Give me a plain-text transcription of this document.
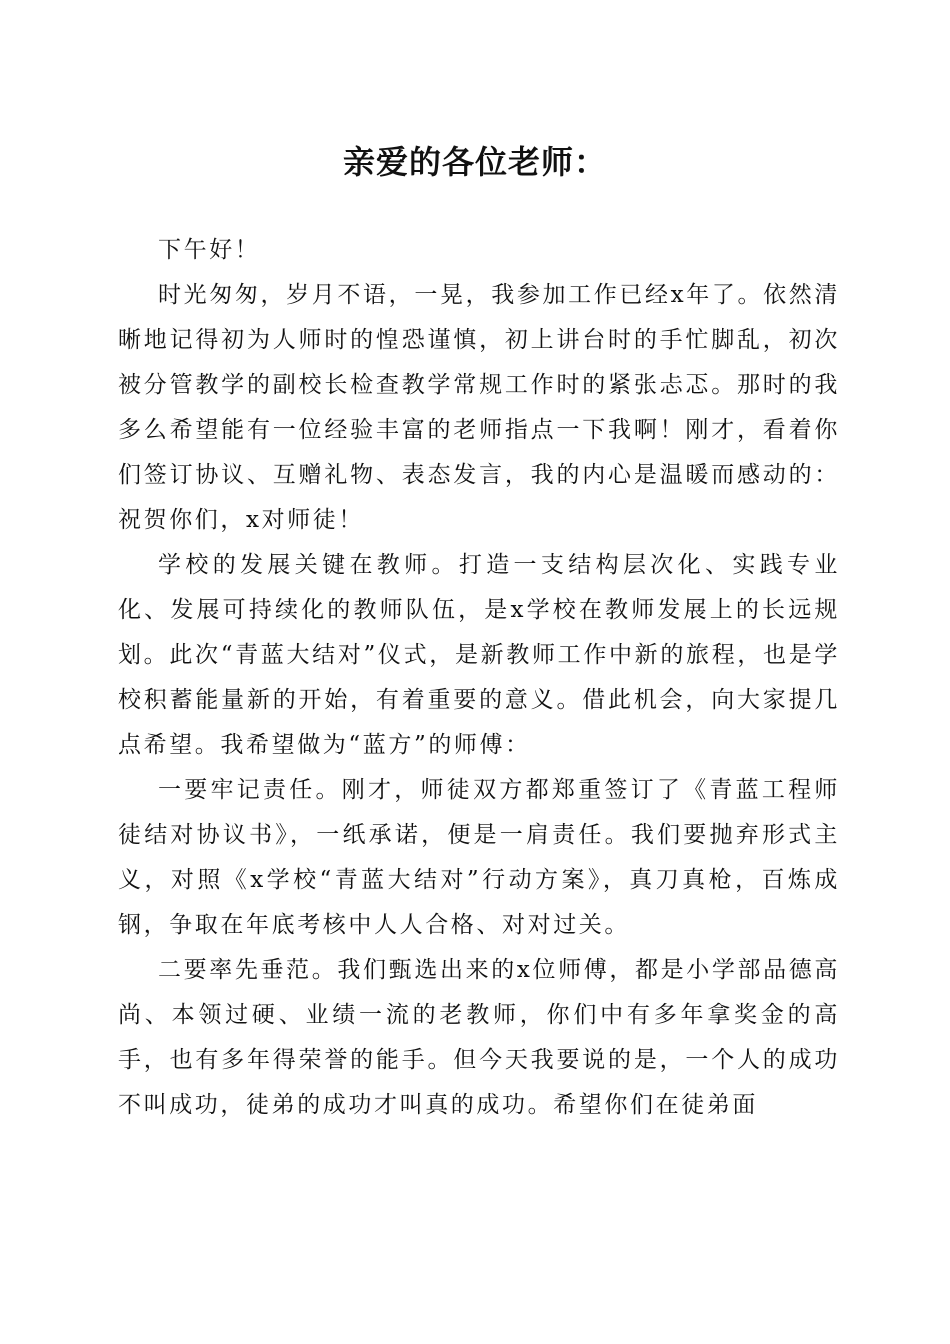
亲爱的各位老师：

下午好！

时光匆匆，岁月不语，一晃，我参加工作已经x年了。依然清晰地记得初为人师时的惶恐谨慎，初上讲台时的手忙脚乱，初次被分管教学的副校长检查教学常规工作时的紧张忐忑。那时的我多么希望能有一位经验丰富的老师指点一下我啊！刚才，看着你们签订协议、互赠礼物、表态发言，我的内心是温暖而感动的：祝贺你们，x对师徒！

学校的发展关键在教师。打造一支结构层次化、实践专业化、发展可持续化的教师队伍，是x学校在教师发展上的长远规划。此次“青蓝大结对”仪式，是新教师工作中新的旅程，也是学校积蓄能量新的开始，有着重要的意义。借此机会，向大家提几点希望。我希望做为“蓝方”的师傅：

一要牢记责任。刚才，师徒双方都郑重签订了《青蓝工程师徒结对协议书》，一纸承诺，便是一肩责任。我们要抛弃形式主义，对照《x学校“青蓝大结对”行动方案》，真刀真枪，百炼成钢，争取在年底考核中人人合格、对对过关。

二要率先垂范。我们甄选出来的x位师傅，都是小学部品德高尚、本领过硬、业绩一流的老教师，你们中有多年拿奖金的高手，也有多年得荣誉的能手。但今天我要说的是，一个人的成功不叫成功，徒弟的成功才叫真的成功。希望你们在徒弟面
